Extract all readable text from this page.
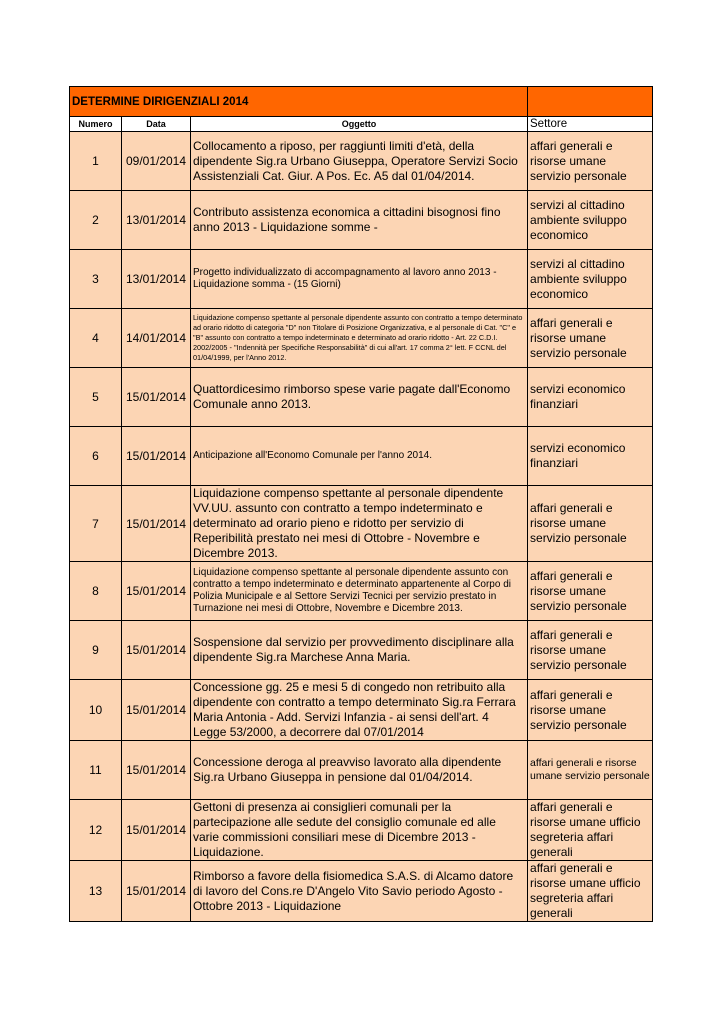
DETERMINE DIRIGENZIALI 2014			
Numero	Data	Oggetto	Settore
1	09/01/2014	Collocamento a riposo, per raggiunti limiti d'età, della dipendente Sig.ra Urbano Giuseppa, Operatore Servizi Socio Assistenziali Cat. Giur. A Pos. Ec. A5 dal 01/04/2014.	affari generali e risorse umane servizio personale
2	13/01/2014	Contributo assistenza economica a cittadini bisognosi fino anno 2013 - Liquidazione somme -	servizi al cittadino ambiente sviluppo economico
3	13/01/2014	Progetto individualizzato di accompagnamento al lavoro anno 2013 - Liquidazione somma - (15 Giorni)	servizi al cittadino ambiente sviluppo economico
4	14/01/2014	Liquidazione compenso spettante al personale dipendente assunto con contratto a tempo determinato ad orario ridotto di categoria "D" non Titolare di Posizione Organizzativa, e al personale di Cat. "C" e "B" assunto con contratto a tempo indeterminato e determinato ad orario ridotto - Art. 22 C.D.I. 2002/2005 - "Indennità per Specifiche Responsabilità" di cui all'art. 17 comma 2° lett. F CCNL del 01/04/1999, per l'Anno 2012.	affari generali e risorse umane servizio personale
5	15/01/2014	Quattordicesimo rimborso spese varie pagate dall'Economo Comunale anno 2013.	servizi economico finanziari
6	15/01/2014	Anticipazione all'Economo Comunale per l'anno 2014.	servizi economico finanziari
7	15/01/2014	Liquidazione compenso spettante al personale dipendente VV.UU. assunto con contratto a tempo indeterminato e determinato ad orario pieno e ridotto per servizio di Reperibilità prestato nei mesi di Ottobre - Novembre e Dicembre 2013.	affari generali e risorse umane servizio personale
8	15/01/2014	Liquidazione compenso spettante al personale dipendente assunto con contratto a tempo indeterminato e determinato appartenente al Corpo di Polizia Municipale e al Settore Servizi Tecnici per servizio prestato in Turnazione nei mesi di Ottobre, Novembre e Dicembre 2013.	affari generali e risorse umane servizio personale
9	15/01/2014	Sospensione dal servizio per provvedimento disciplinare alla dipendente Sig.ra Marchese Anna Maria.	affari generali e risorse umane servizio personale
10	15/01/2014	Concessione gg. 25 e mesi 5 di congedo non retribuito alla dipendente con contratto a tempo determinato Sig.ra Ferrara Maria Antonia - Add. Servizi Infanzia - ai sensi dell'art. 4 Legge 53/2000, a decorrere dal 07/01/2014	affari generali e risorse umane servizio personale
11	15/01/2014	Concessione deroga al preavviso lavorato alla dipendente Sig.ra Urbano Giuseppa in pensione dal 01/04/2014.	affari generali e risorse umane servizio personale
12	15/01/2014	Gettoni di presenza ai consiglieri comunali per la partecipazione alle sedute del consiglio comunale ed alle varie commissioni consiliari mese di Dicembre 2013 - Liquidazione.	affari generali e risorse umane ufficio segreteria affari generali
13	15/01/2014	Rimborso a favore della fisiomedica S.A.S. di Alcamo datore di lavoro del Cons.re D'Angelo Vito Savio periodo Agosto - Ottobre 2013 - Liquidazione	affari generali e risorse umane ufficio segreteria affari generali
